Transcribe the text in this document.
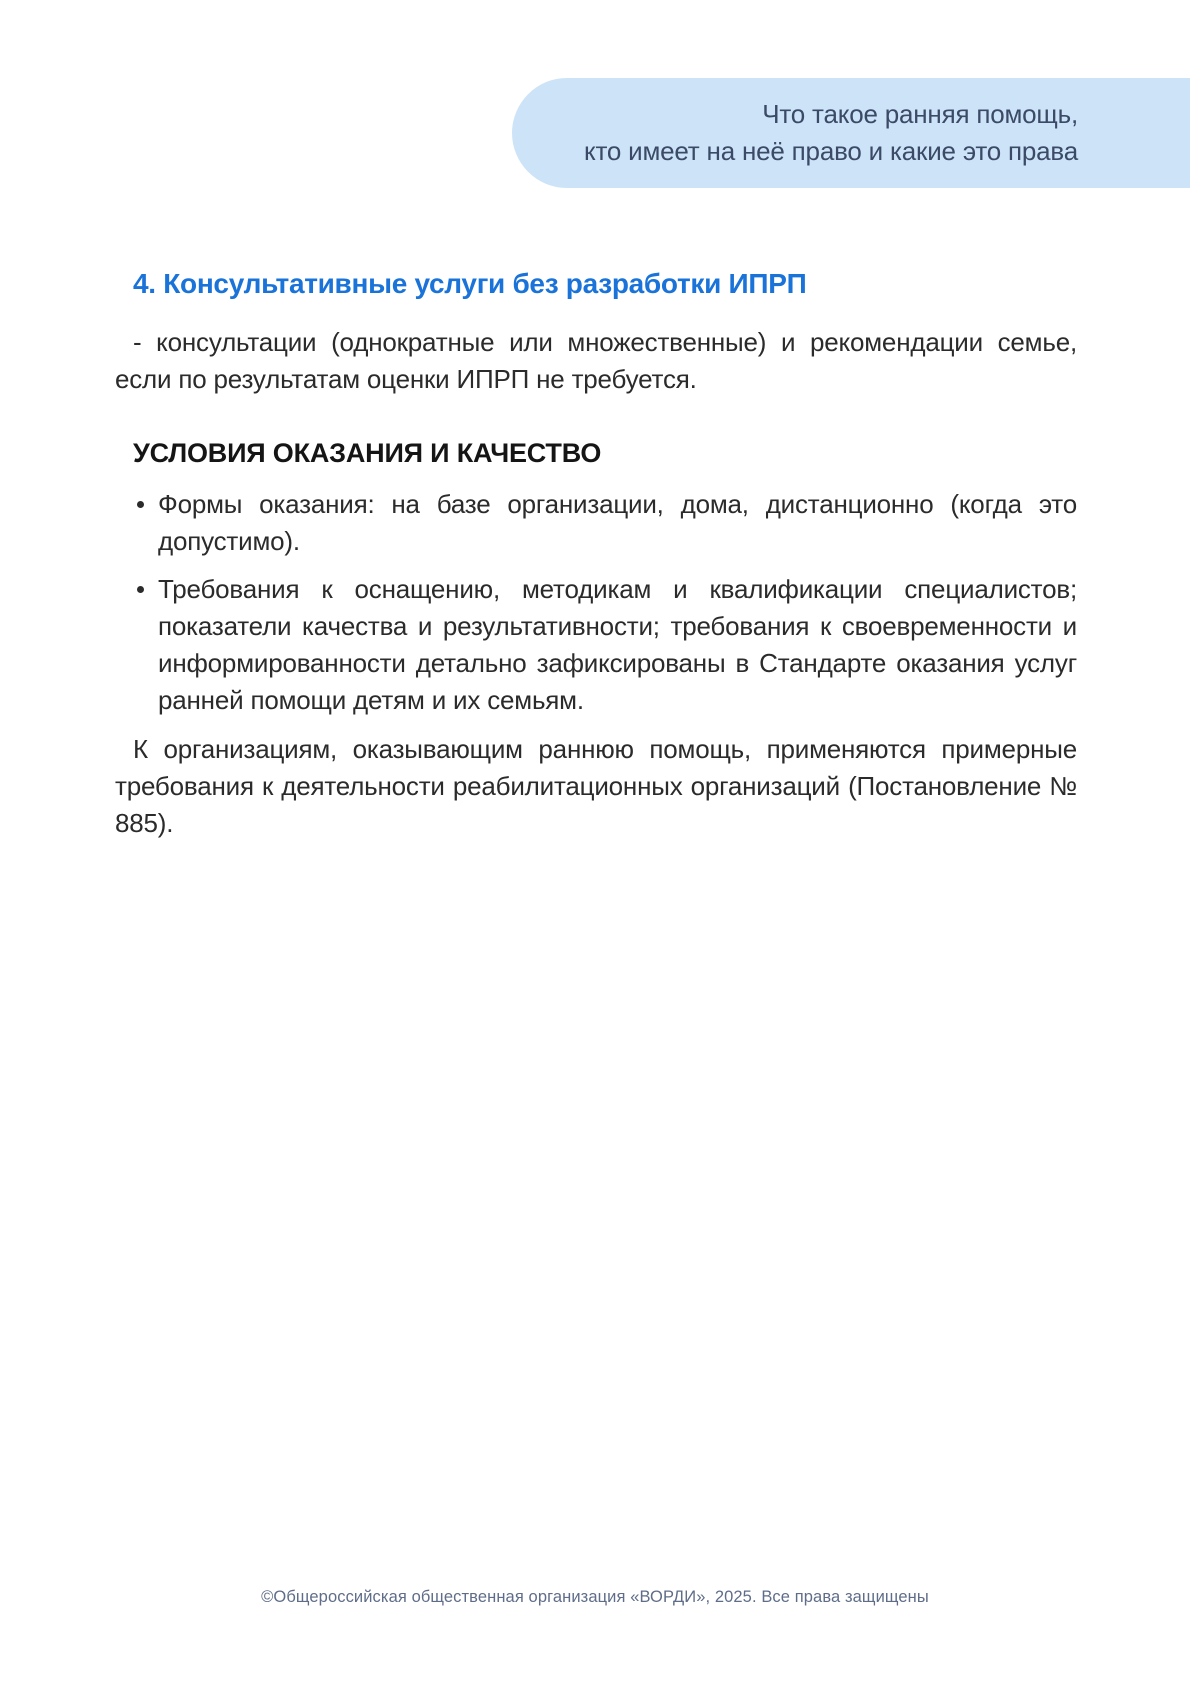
Что такое ранняя помощь,
кто имеет на неё право и какие это права
4. Консультативные услуги без разработки ИПРП
- консультации (однократные или множественные) и рекомендации семье, если по результатам оценки ИПРП не требуется.
УСЛОВИЯ ОКАЗАНИЯ И КАЧЕСТВО
Формы оказания: на базе организации, дома, дистанционно (когда это допустимо).
Требования к оснащению, методикам и квалификации специалистов; показатели качества и результативности; требования к своевременности и информированности детально зафиксированы в Стандарте оказания услуг ранней помощи детям и их семьям.
К организациям, оказывающим раннюю помощь, применяются примерные требования к деятельности реабилитационных организаций (Постановление № 885).
©Общероссийская общественная организация «ВОРДИ», 2025. Все права защищены
